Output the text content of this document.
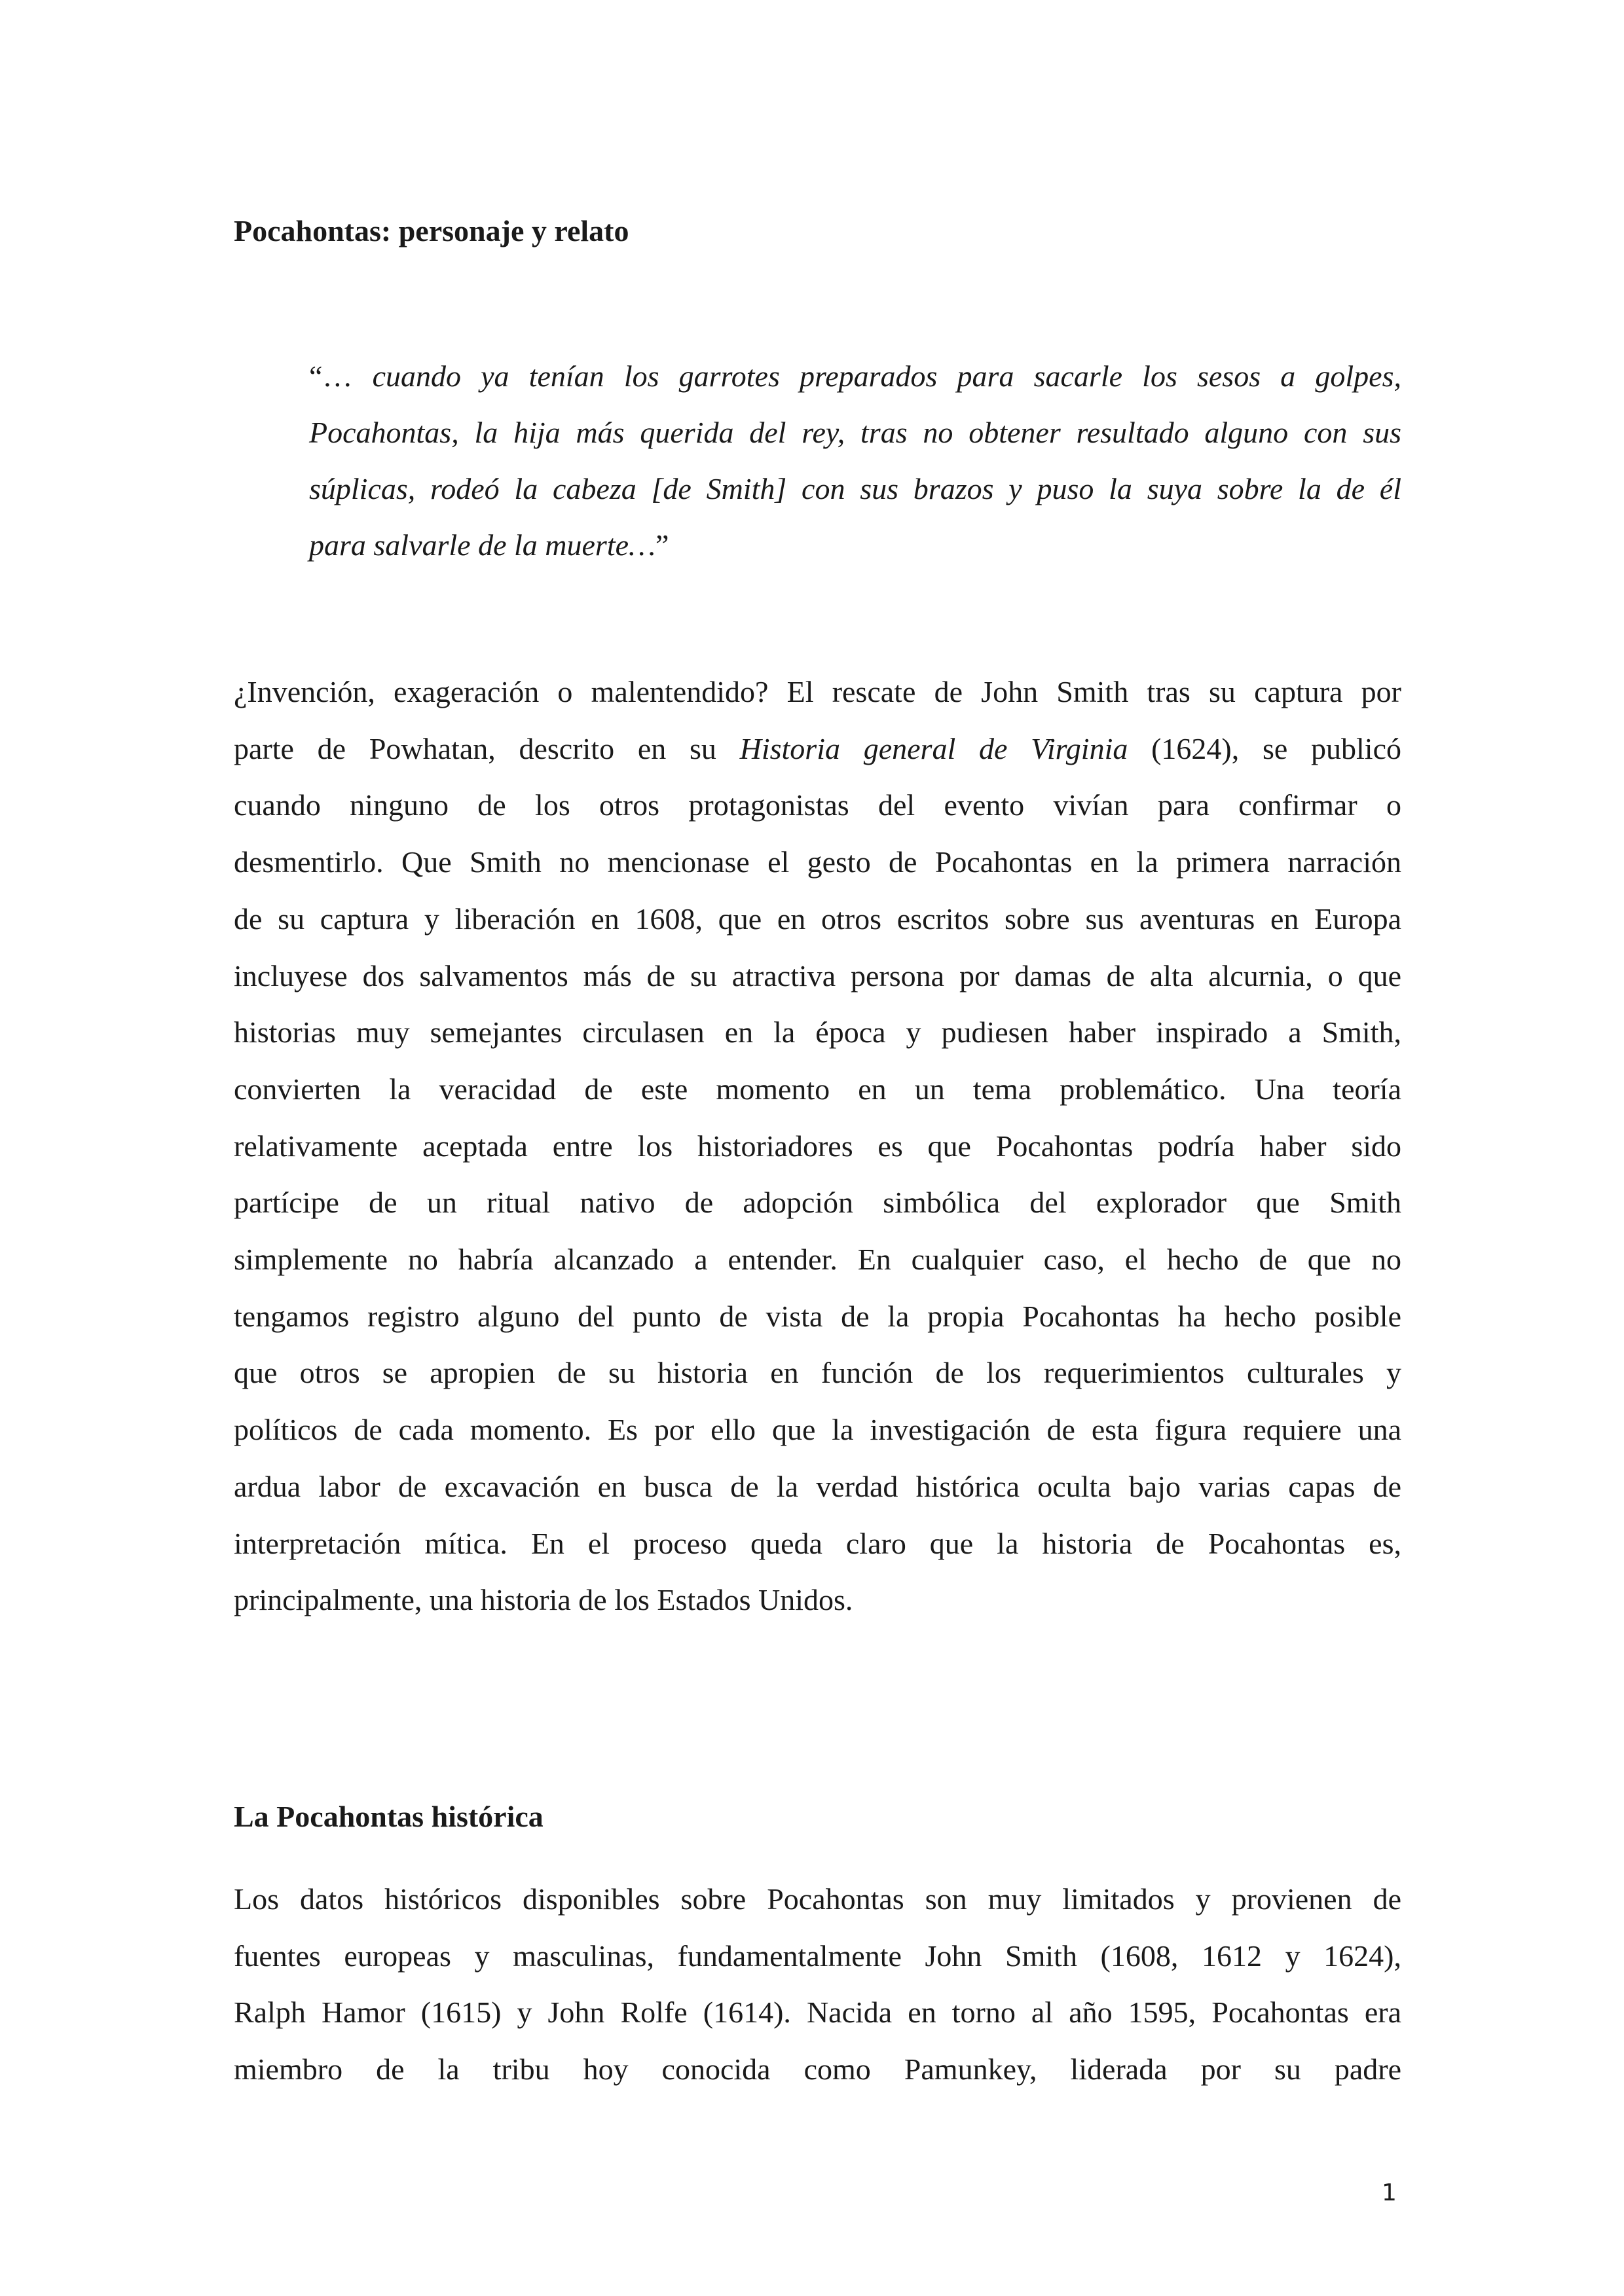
Pocahontas: personaje y relato
“… cuando ya tenían los garrotes preparados para sacarle los sesos a golpes,
Pocahontas, la hija más querida del rey, tras no obtener resultado alguno con sus
súplicas, rodeó la cabeza [de Smith] con sus brazos y puso la suya sobre la de él
para salvarle de la muerte…”
¿Invención, exageración o malentendido? El rescate de John Smith tras su captura por
parte de Powhatan, descrito en su Historia general de Virginia (1624), se publicó
cuando ninguno de los otros protagonistas del evento vivían para confirmar o
desmentirlo. Que Smith no mencionase el gesto de Pocahontas en la primera narración
de su captura y liberación en 1608, que en otros escritos sobre sus aventuras en Europa
incluyese dos salvamentos más de su atractiva persona por damas de alta alcurnia, o que
historias muy semejantes circulasen en la época y pudiesen haber inspirado a Smith,
convierten la veracidad de este momento en un tema problemático. Una teoría
relativamente aceptada entre los historiadores es que Pocahontas podría haber sido
partícipe de un ritual nativo de adopción simbólica del explorador que Smith
simplemente no habría alcanzado a entender. En cualquier caso, el hecho de que no
tengamos registro alguno del punto de vista de la propia Pocahontas ha hecho posible
que otros se apropien de su historia en función de los requerimientos culturales y
políticos de cada momento. Es por ello que la investigación de esta figura requiere una
ardua labor de excavación en busca de la verdad histórica oculta bajo varias capas de
interpretación mítica. En el proceso queda claro que la historia de Pocahontas es,
principalmente, una historia de los Estados Unidos.
La Pocahontas histórica
Los datos históricos disponibles sobre Pocahontas son muy limitados y provienen de
fuentes europeas y masculinas, fundamentalmente John Smith (1608, 1612 y 1624),
Ralph Hamor (1615) y John Rolfe (1614). Nacida en torno al año 1595, Pocahontas era
miembro de la tribu hoy conocida como Pamunkey, liderada por su padre
1
